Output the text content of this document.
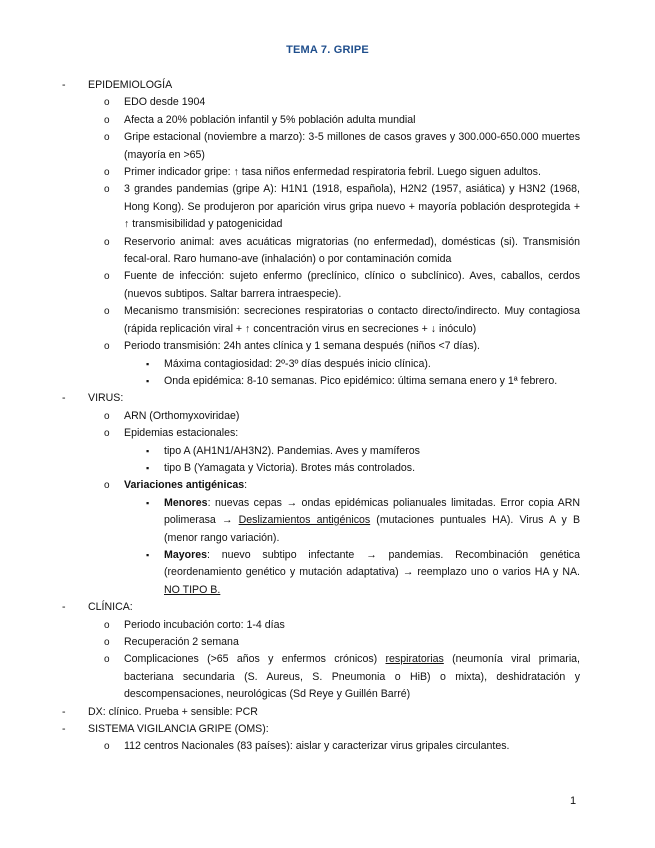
TEMA 7. GRIPE
- EPIDEMIOLOGÍA
o EDO desde 1904
o Afecta a 20% población infantil y 5% población adulta mundial
o Gripe estacional (noviembre a marzo): 3-5 millones de casos graves y 300.000-650.000 muertes (mayoría en >65)
o Primer indicador gripe: ↑ tasa niños enfermedad respiratoria febril. Luego siguen adultos.
o 3 grandes pandemias (gripe A): H1N1 (1918, española), H2N2 (1957, asiática) y H3N2 (1968, Hong Kong). Se produjeron por aparición virus gripa nuevo + mayoría población desprotegida + ↑ transmisibilidad y patogenicidad
o Reservorio animal: aves acuáticas migratorias (no enfermedad), domésticas (si). Transmisión fecal-oral. Raro humano-ave (inhalación) o por contaminación comida
o Fuente de infección: sujeto enfermo (preclínico, clínico o subclínico). Aves, caballos, cerdos (nuevos subtipos. Saltar barrera intraespecie).
o Mecanismo transmisión: secreciones respiratorias o contacto directo/indirecto. Muy contagiosa (rápida replicación viral + ↑ concentración virus en secreciones + ↓ inóculo)
o Periodo transmisión: 24h antes clínica y 1 semana después (niños <7 días).
▪ Máxima contagiosidad: 2º-3º días después inicio clínica).
▪ Onda epidémica: 8-10 semanas. Pico epidémico: última semana enero y 1ª febrero.
- VIRUS:
o ARN (Orthomyxoviridae)
o Epidemias estacionales:
▪ tipo A (AH1N1/AH3N2). Pandemias. Aves y mamíferos
▪ tipo B (Yamagata y Victoria). Brotes más controlados.
o Variaciones antigénicas:
▪ Menores: nuevas cepas → ondas epidémicas polianuales limitadas. Error copia ARN polimerasa → Deslizamientos antigénicos (mutaciones puntuales HA). Virus A y B (menor rango variación).
▪ Mayores: nuevo subtipo infectante → pandemias. Recombinación genética (reordenamiento genético y mutación adaptativa) → reemplazo uno o varios HA y NA. NO TIPO B.
- CLÍNICA:
o Periodo incubación corto: 1-4 días
o Recuperación 2 semana
o Complicaciones (>65 años y enfermos crónicos) respiratorias (neumonía viral primaria, bacteriana secundaria (S. Aureus, S. Pneumonia o HiB) o mixta), deshidratación y descompensaciones, neurológicas (Sd Reye y Guillén Barré)
- DX: clínico. Prueba + sensible: PCR
- SISTEMA VIGILANCIA GRIPE (OMS):
o 112 centros Nacionales (83 países): aislar y caracterizar virus gripales circulantes.
1
